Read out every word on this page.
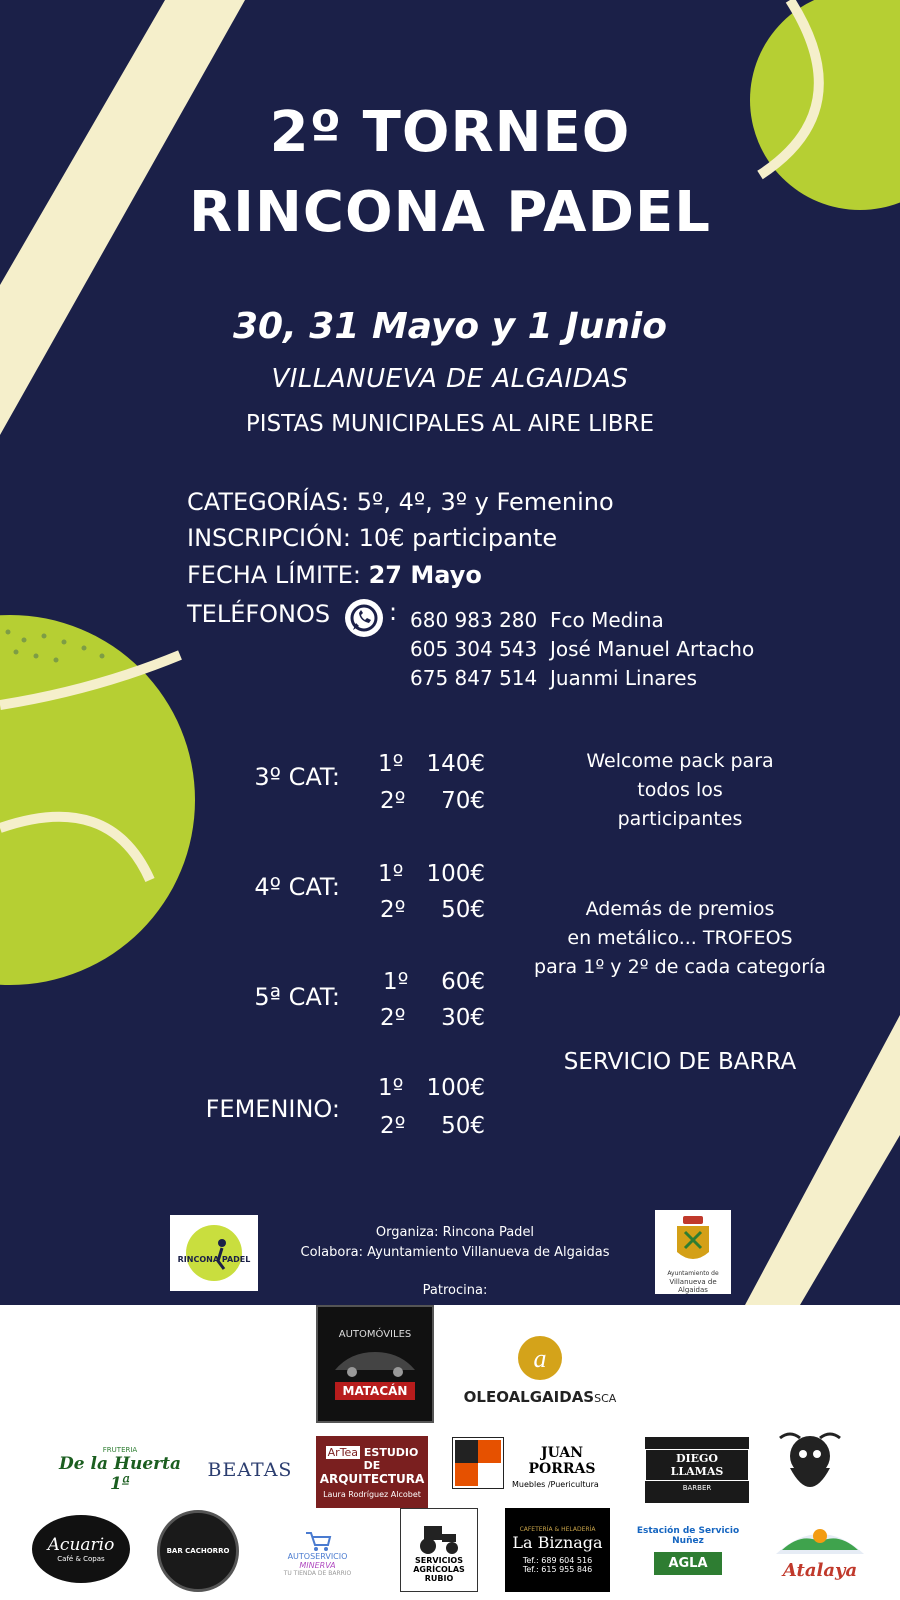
2º TORNEO
RINCONA PADEL
30, 31 Mayo y 1 Junio
VILLANUEVA DE ALGAIDAS
PISTAS MUNICIPALES AL AIRE LIBRE
CATEGORÍAS: 5º, 4º, 3º y Femenino
INSCRIPCIÓN: 10€ participante
FECHA LÍMITE: 27 Mayo
TELÉFONOS : 680 983 280 Fco Medina
605 304 543 José Manuel Artacho
675 847 514 Juanmi Linares
3º CAT: 1º 140€
2º	70€
4º CAT: 1º 100€
2º	50€
5ª CAT:
1º	60€
2º	30€
FEMENINO:
1º 100€
2º	50€
Welcome pack para
todos los
participantes
Además de premios
en metálico... TROFEOS
para 1º y 2º de cada categoría
SERVICIO DE BARRA
RINCONA PADEL
Organiza: Rincona Padel
Colabora: Ayuntamiento Villanueva de Algaidas
Patrocina:
Ayuntamiento de
Villanueva de Algaidas
AUTOMÓVILES
MATACÁN
a
OLEOALGAIDASSCA
FRUTERIA
De la Huerta 1ª
BEATAS
ArTea ESTUDIO DE
ARQUITECTURA
Laura Rodríguez Alcobet
JUAN PORRAS
Muebles /Puericultura
DIEGO LLAMAS
BARBER
Acuario
Café & Copas
BAR CACHORRO
AUTOSERVICIO
MINERVA
TU TIENDA DE BARRIO
SERVICIOS
AGRÍCOLAS
RUBIO
CAFETERÍA & HELADERÍA
La Biznaga
Tef.: 689 604 516
Tef.: 615 955 846
Estación de Servicio
Nuñez
AGLA	Atalaya
